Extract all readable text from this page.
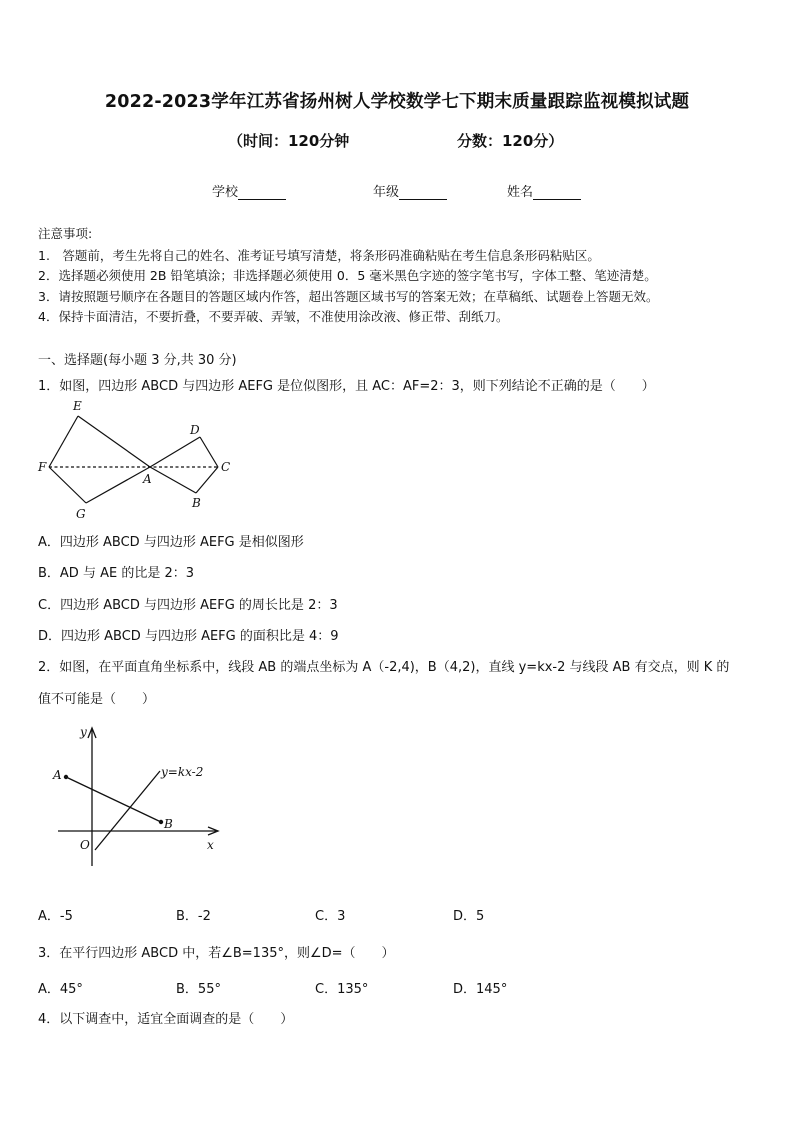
2022-2023学年江苏省扬州树人学校数学七下期末质量跟踪监视模拟试题
（时间：120分钟	分数：120分）
学校	年级	姓名
注意事项:
1.　答题前，考生先将自己的姓名、准考证号填写清楚，将条形码准确粘贴在考生信息条形码粘贴区。
2．选择题必须使用 2B 铅笔填涂；非选择题必须使用 0．5 毫米黑色字迹的签字笔书写，字体工整、笔迹清楚。
3．请按照题号顺序在各题目的答题区域内作答，超出答题区域书写的答案无效；在草稿纸、试题卷上答题无效。
4．保持卡面清洁，不要折叠，不要弄破、弄皱，不准使用涂改液、修正带、刮纸刀。
一、选择题(每小题 3 分,共 30 分)
1．如图，四边形 ABCD 与四边形 AEFG 是位似图形，且 AC：AF=2：3，则下列结论不正确的是（　　）
E
D
F	C
A
B
G
A．四边形 ABCD 与四边形 AEFG 是相似图形
B．AD 与 AE 的比是 2：3
C．四边形 ABCD 与四边形 AEFG 的周长比是 2：3
D．四边形 ABCD 与四边形 AEFG 的面积比是 4：9
2．如图，在平面直角坐标系中，线段 AB 的端点坐标为 A（-2,4)，B（4,2)，直线 y=kx-2 与线段 AB 有交点，则 K 的
值不可能是（　　）
y
x
O
A
B
y=kx-2
A．-5	B．-2	C．3	D．5
3．在平行四边形 ABCD 中，若∠B=135°，则∠D=（　　）
A．45°	B．55°	C．135°	D．145°
4．以下调查中，适宜全面调查的是（　　）
